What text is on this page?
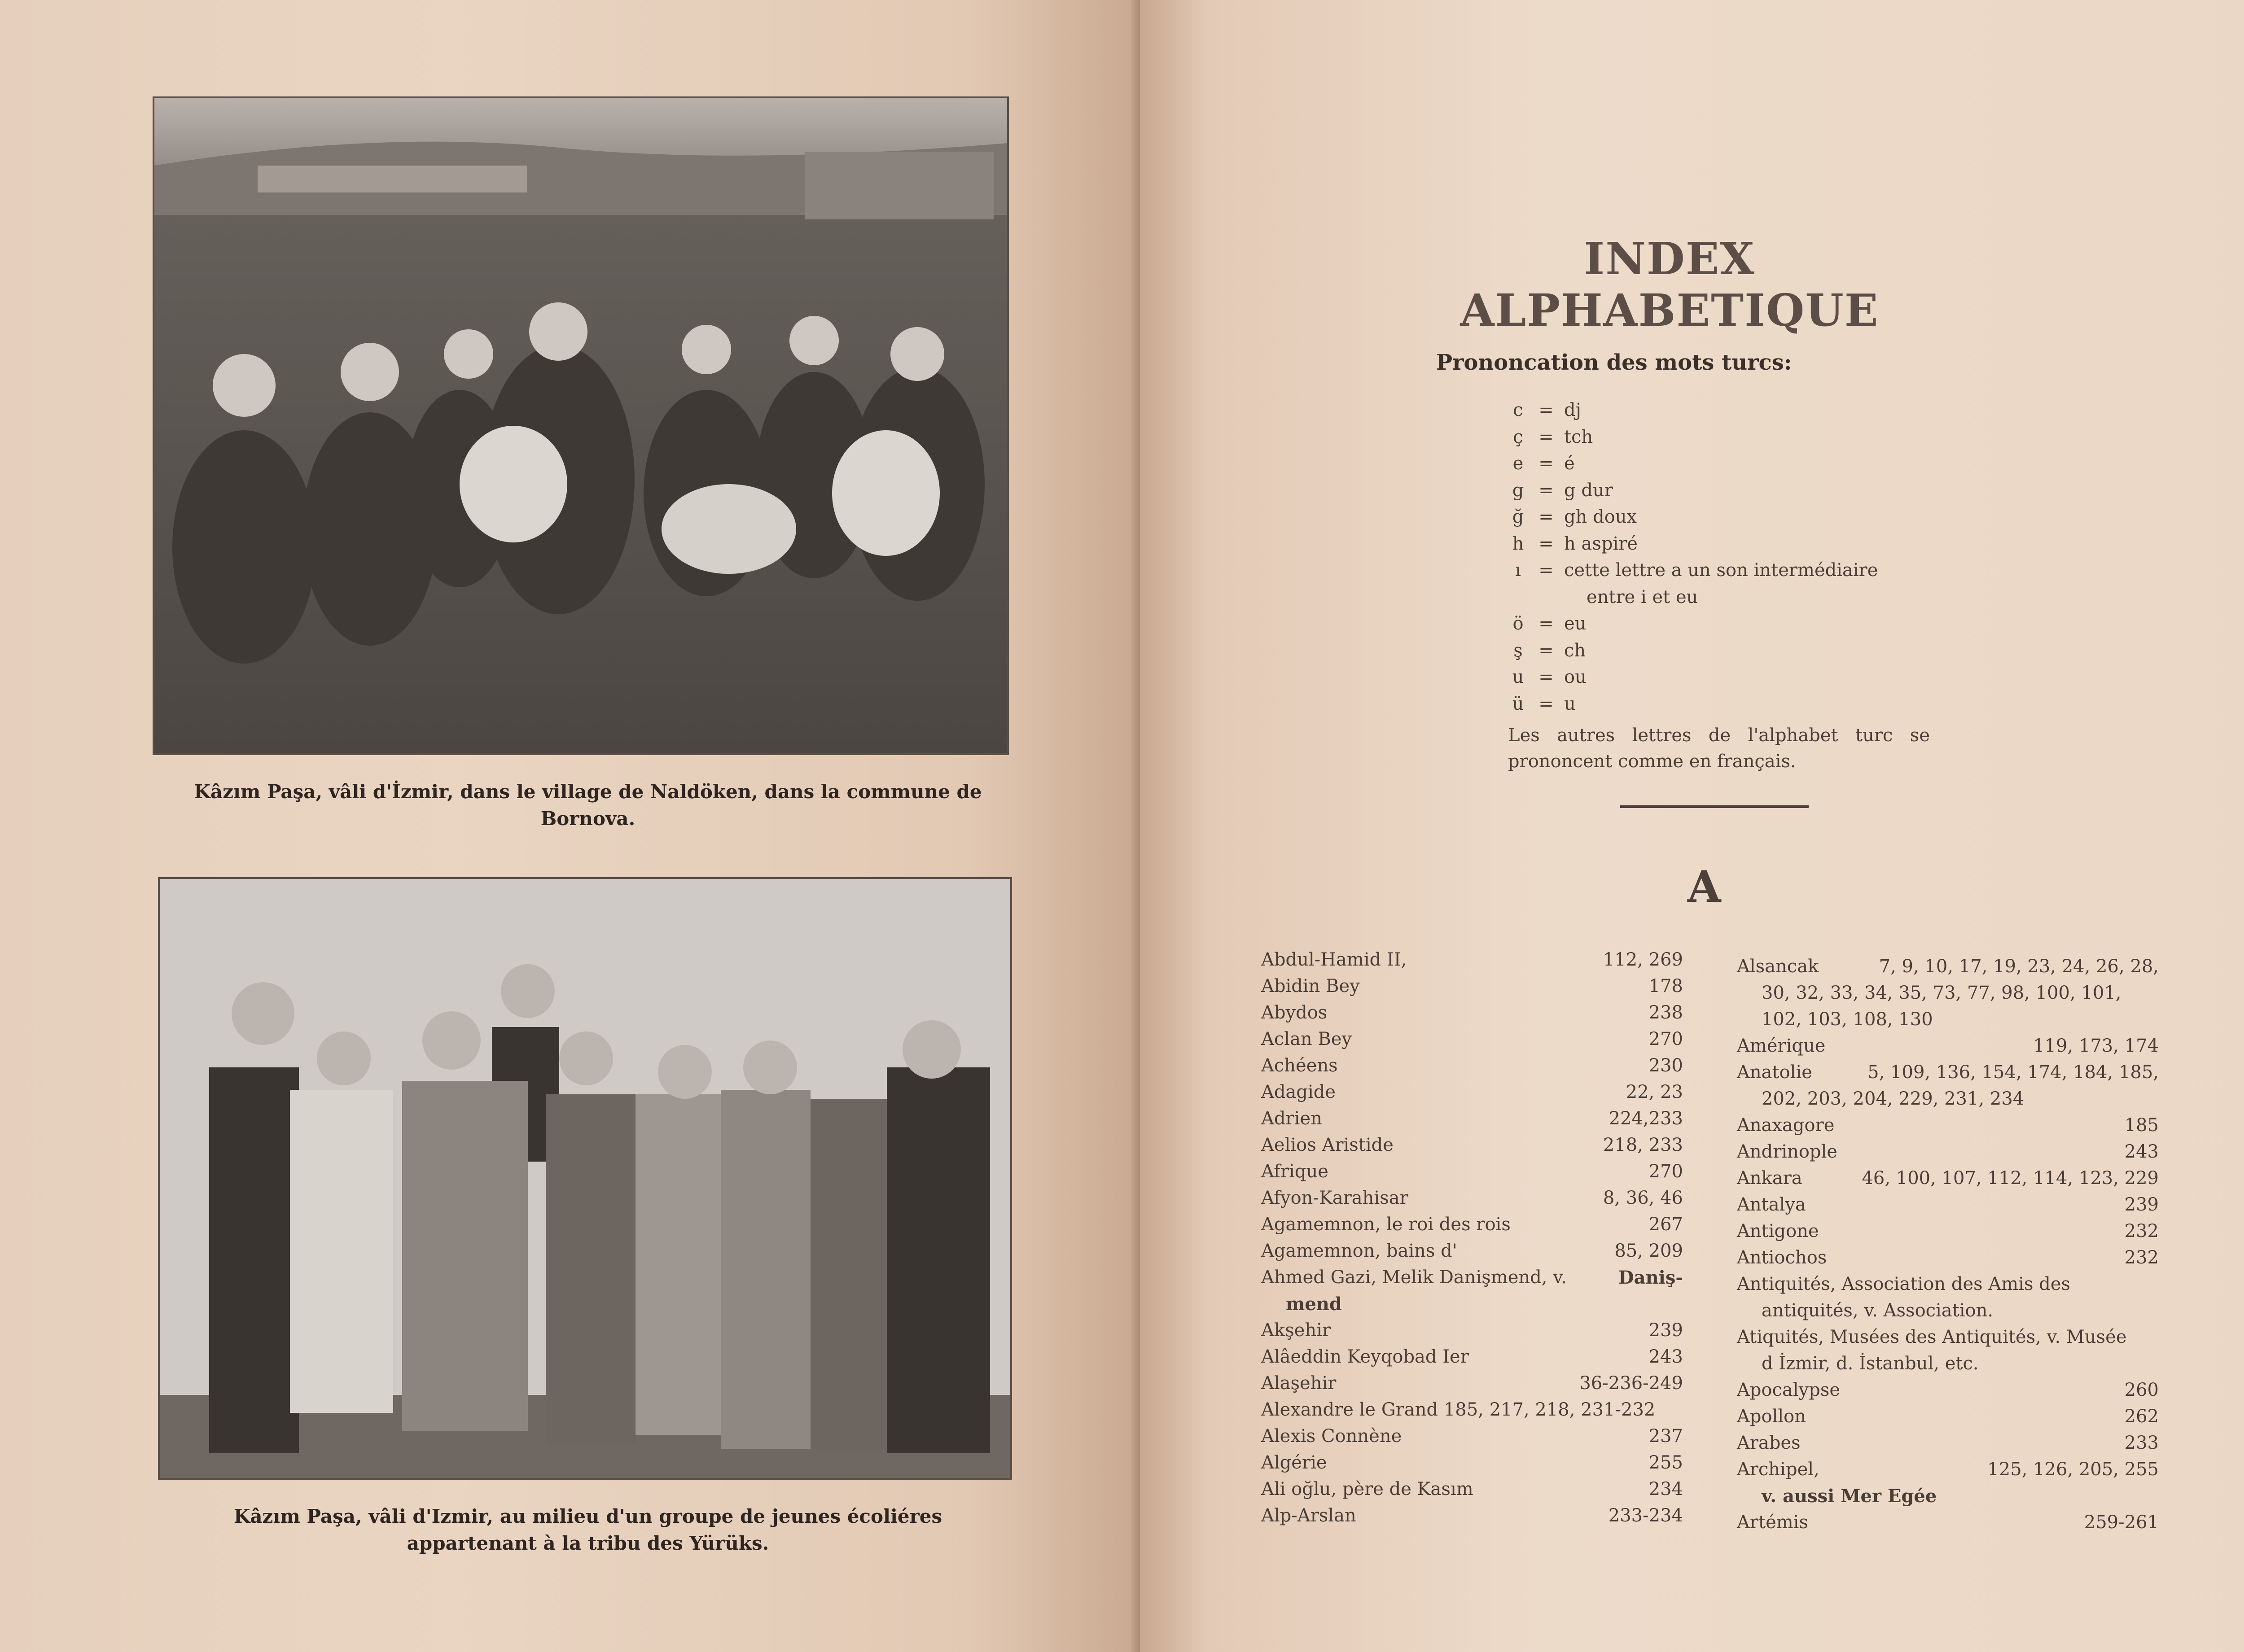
Kâzım Paşa, vâli d'İzmir, dans le village de Naldöken, dans la commune de Bornova.
Kâzım Paşa, vâli d'Izmir, au milieu d'un groupe de jeunes écoliéres appartenant à la tribu des Yürüks.
INDEX ALPHABETIQUE
Prononcation des mots turcs:
c = dj
ç = tch
e = é
g = g dur
ğ = gh doux
h = h aspiré
ı = cette lettre a un son intermédiaire
entre i et eu
ö = eu
ş = ch
u = ou
ü = u
Les autres lettres de l'alphabet turc se prononcent comme en français.
A
Abdul-Hamid II,	112, 269
Abidin Bey	178
Abydos	238
Aclan Bey	270
Achéens	230
Adagide	22, 23
Adrien	224,233
Aelios Aristide	218, 233
Afrique	270
Afyon-Karahisar	8, 36, 46
Agamemnon, le roi des rois	267
Agamemnon, bains d'	85, 209
Ahmed Gazi, Melik Danişmend, v.	Daniş-
mend
Akşehir	239
Alâeddin Keyqobad Ier	243
Alaşehir	36-236-249
Alexandre le Grand 185, 217, 218, 231-232
Alexis Connène	237
Algérie	255
Ali oğlu, père de Kasım	234
Alp-Arslan	233-234
Alsancak	7, 9, 10, 17, 19, 23, 24, 26, 28,
30, 32, 33, 34, 35, 73, 77, 98, 100, 101,
102, 103, 108, 130
Amérique	119, 173, 174
Anatolie	5, 109, 136, 154, 174, 184, 185,
202, 203, 204, 229, 231, 234
Anaxagore	185
Andrinople	243
Ankara	46, 100, 107, 112, 114, 123, 229
Antalya	239
Antigone	232
Antiochos	232
Antiquités, Association des Amis des
antiquités, v. Association.
Atiquités, Musées des Antiquités, v. Musée
d İzmir, d. İstanbul, etc.
Apocalypse	260
Apollon	262
Arabes	233
Archipel,	125, 126, 205, 255
v. aussi Mer Egée
Artémis	259-261
